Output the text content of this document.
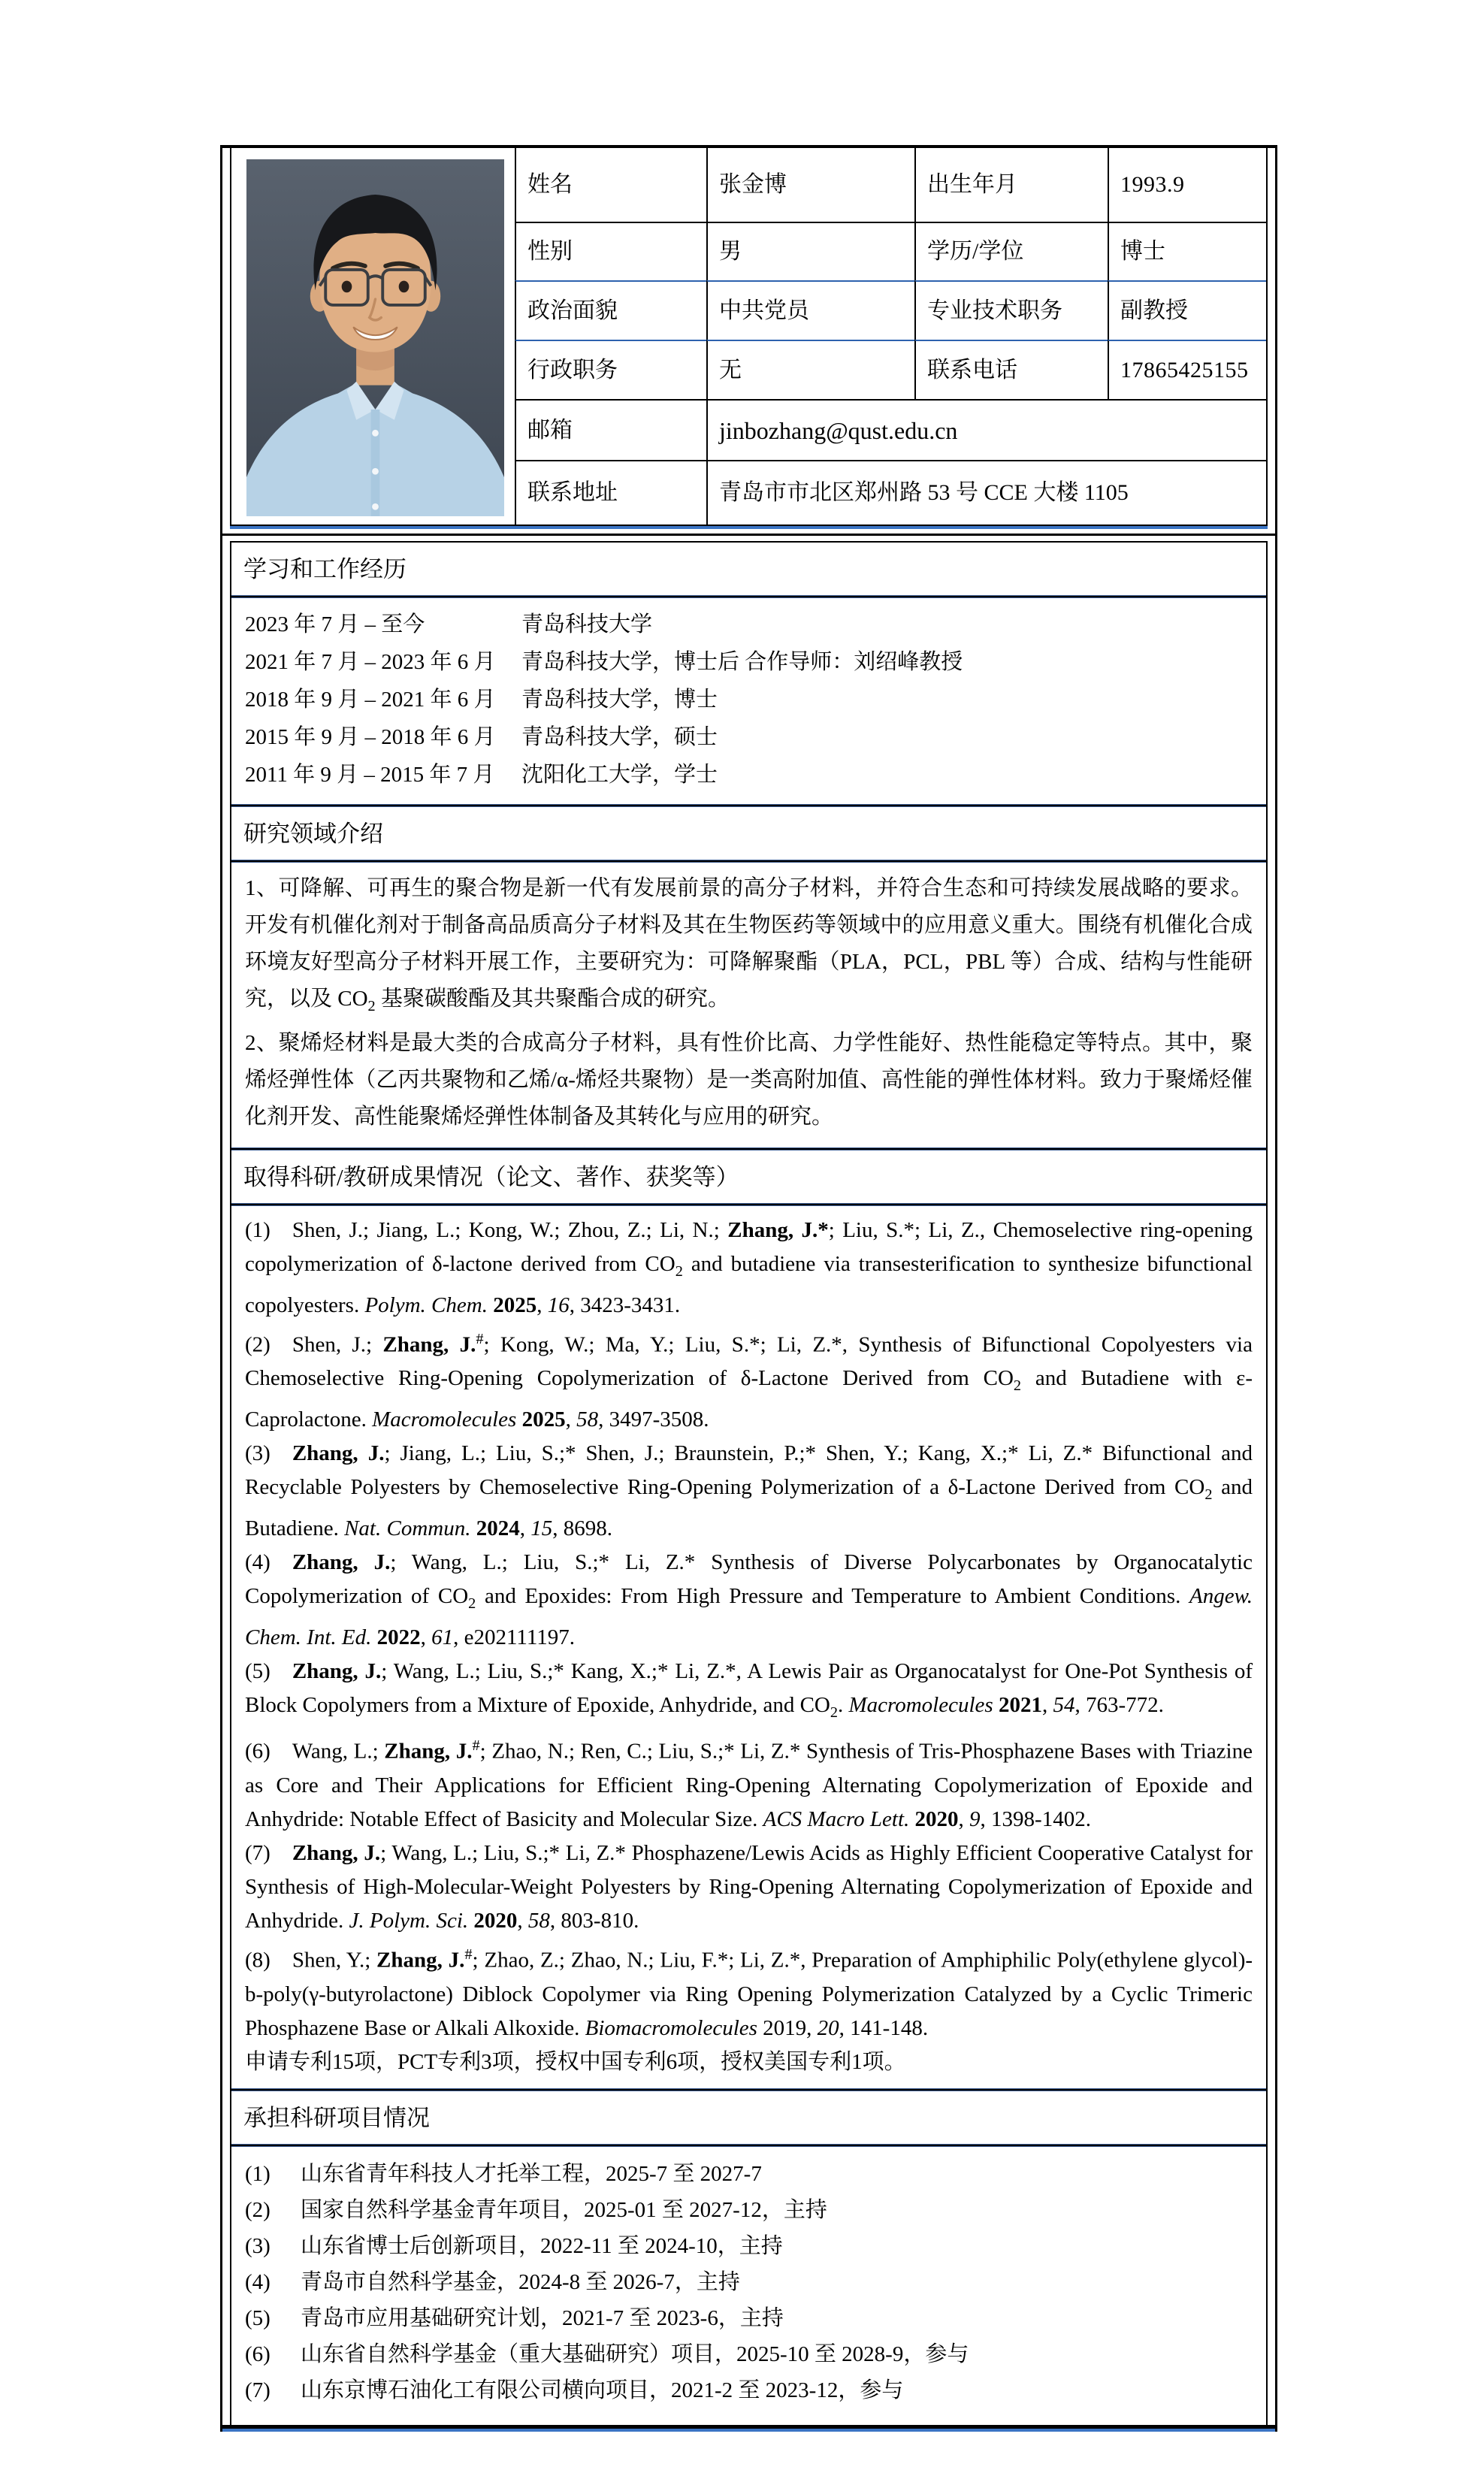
姓名	张金博	出生年月	1993.9
性别	男	学历/学位	博士
政治面貌	中共党员	专业技术职务	副教授
行政职务	无	联系电话	17865425155
邮箱	jinbozhang@qust.edu.cn
联系地址	青岛市市北区郑州路 53 号 CCE 大楼 1105
学习和工作经历
2023 年 7 月 – 至今	青岛科技大学
2021 年 7 月 – 2023 年 6 月 青岛科技大学，博士后 合作导师：刘绍峰教授
2018 年 9 月 – 2021 年 6 月 青岛科技大学，博士
2015 年 9 月 – 2018 年 6 月 青岛科技大学，硕士
2011 年 9 月 – 2015 年 7 月 沈阳化工大学，学士
研究领域介绍

1、可降解、可再生的聚合物是新一代有发展前景的高分子材料，并符合生态和可持续发展战略的要求。开发有机催化剂对于制备高品质高分子材料及其在生物医药等领域中的应用意义重大。围绕有机催化合成环境友好型高分子材料开展工作，主要研究为：可降解聚酯（PLA，PCL，PBL 等）合成、结构与性能研究，以及 $CO_2$ 基聚碳酸酯及其共聚酯合成的研究。

2、聚烯烃材料是最大类的合成高分子材料，具有性价比高、力学性能好、热性能稳定等特点。其中，聚烯烃弹性体（乙丙共聚物和乙烯/α-烯烃共聚物）是一类高附加值、高性能的弹性体材料。致力于聚烯烃催化剂开发、高性能聚烯烃弹性体制备及其转化与应用的研究。

取得科研/教研成果情况（论文、著作、获奖等）

(1) Shen, J.; Jiang, L.; Kong, W.; Zhou, Z.; Li, N.; Zhang, J.*; Liu, S.*; Li, Z., Chemoselective ring-opening copolymerization of δ-lactone derived from $CO_2$ and butadiene via transesterification to synthesize bifunctional copolyesters. Polym. Chem. 2025, 16, 3423-3431.

(2) Shen, J.; Zhang, J.#; Kong, W.; Ma, Y.; Liu, S.*; Li, Z.*, Synthesis of Bifunctional Copolyesters via Chemoselective Ring-Opening Copolymerization of δ-Lactone Derived from $CO_2$ and Butadiene with ε-Caprolactone. Macromolecules 2025, 58, 3497-3508.

(3) Zhang, J.; Jiang, L.; Liu, S.;* Shen, J.; Braunstein, P.;* Shen, Y.; Kang, X.;* Li, Z.* Bifunctional and Recyclable Polyesters by Chemoselective Ring-Opening Polymerization of a δ-Lactone Derived from $CO_2$ and Butadiene. Nat. Commun. 2024, 15, 8698.

(4) Zhang, J.; Wang, L.; Liu, S.;* Li, Z.* Synthesis of Diverse Polycarbonates by Organocatalytic Copolymerization of $CO_2$ and Epoxides: From High Pressure and Temperature to Ambient Conditions. Angew. Chem. Int. Ed. 2022, 61, e202111197.

(5) Zhang, J.; Wang, L.; Liu, S.;* Kang, X.;* Li, Z.*, A Lewis Pair as Organocatalyst for One-Pot Synthesis of Block Copolymers from a Mixture of Epoxide, Anhydride, and $CO_2$. Macromolecules 2021, 54, 763-772.

(6) Wang, L.; Zhang, J.#; Zhao, N.; Ren, C.; Liu, S.;* Li, Z.* Synthesis of Tris-Phosphazene Bases with Triazine as Core and Their Applications for Efficient Ring-Opening Alternating Copolymerization of Epoxide and Anhydride: Notable Effect of Basicity and Molecular Size. ACS Macro Lett. 2020, 9, 1398-1402.

(7) Zhang, J.; Wang, L.; Liu, S.;* Li, Z.* Phosphazene/Lewis Acids as Highly Efficient Cooperative Catalyst for Synthesis of High-Molecular-Weight Polyesters by Ring-Opening Alternating Copolymerization of Epoxide and Anhydride. J. Polym. Sci. 2020, 58, 803-810.

(8) Shen, Y.; Zhang, J.#; Zhao, Z.; Zhao, N.; Liu, F.*; Li, Z.*, Preparation of Amphiphilic Poly(ethylene glycol)-b-poly(γ-butyrolactone) Diblock Copolymer via Ring Opening Polymerization Catalyzed by a Cyclic Trimeric Phosphazene Base or Alkali Alkoxide. Biomacromolecules 2019, 20, 141-148.

申请专利15项，PCT专利3项，授权中国专利6项，授权美国专利1项。

承担科研项目情况
(1) 山东省青年科技人才托举工程，2025-7 至 2027-7
(2) 国家自然科学基金青年项目，2025-01 至 2027-12，主持
(3) 山东省博士后创新项目，2022-11 至 2024-10，主持
(4) 青岛市自然科学基金，2024-8 至 2026-7，主持
(5) 青岛市应用基础研究计划，2021-7 至 2023-6，主持
(6) 山东省自然科学基金（重大基础研究）项目，2025-10 至 2028-9，参与
(7) 山东京博石油化工有限公司横向项目，2021-2 至 2023-12，参与
